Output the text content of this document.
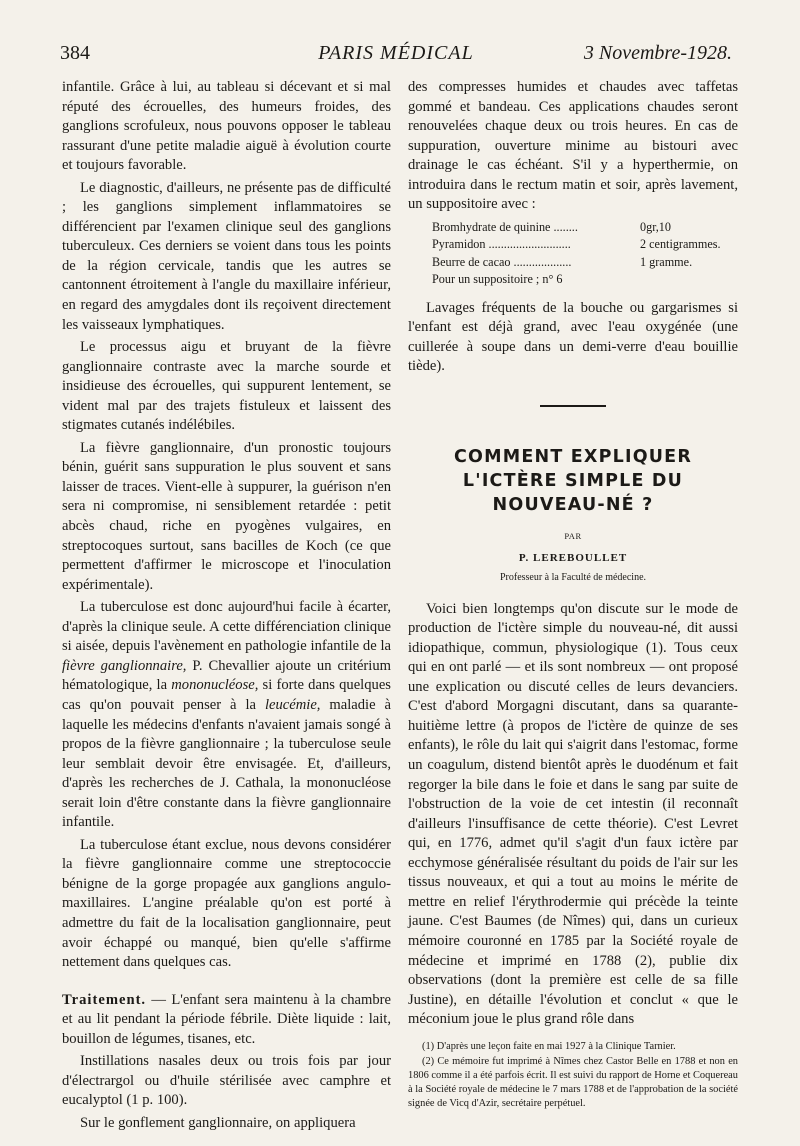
384	PARIS MÉDICAL	3 Novembre-1928.

infantile. Grâce à lui, au tableau si décevant et si mal réputé des écrouelles, des humeurs froides, des ganglions scrofuleux, nous pouvons opposer le tableau rassurant d'une petite maladie aiguë à évolution courte et toujours favorable.

Le diagnostic, d'ailleurs, ne présente pas de difficulté ; les ganglions simplement inflammatoires se différencient par l'examen clinique seul des ganglions tuberculeux. Ces derniers se voient dans tous les points de la région cervicale, tandis que les autres se cantonnent étroitement à l'angle du maxillaire inférieur, en regard des amygdales dont ils reçoivent directement les vaisseaux lymphatiques.

Le processus aigu et bruyant de la fièvre ganglionnaire contraste avec la marche sourde et insidieuse des écrouelles, qui suppurent lentement, se vident mal par des trajets fistuleux et laissent des stigmates cutanés indélébiles.

La fièvre ganglionnaire, d'un pronostic toujours bénin, guérit sans suppuration le plus souvent et sans laisser de traces. Vient-elle à suppurer, la guérison n'en sera ni compromise, ni sensiblement retardée : petit abcès chaud, riche en pyogènes vulgaires, en streptocoques surtout, sans bacilles de Koch (ce que permettent d'affirmer le microscope et l'inoculation expérimentale).

La tuberculose est donc aujourd'hui facile à écarter, d'après la clinique seule. A cette différenciation clinique si aisée, depuis l'avènement en pathologie infantile de la fièvre ganglionnaire, P. Chevallier ajoute un critérium hématologique, la mononucléose, si forte dans quelques cas qu'on pouvait penser à la leucémie, maladie à laquelle les médecins d'enfants n'avaient jamais songé à propos de la fièvre ganglionnaire ; la tuberculose seule leur semblait devoir être envisagée. Et, d'ailleurs, d'après les recherches de J. Cathala, la mononucléose serait loin d'être constante dans la fièvre ganglionnaire infantile.

La tuberculose étant exclue, nous devons considérer la fièvre ganglionnaire comme une streptococcie bénigne de la gorge propagée aux ganglions angulo-maxillaires. L'angine préalable qu'on est porté à admettre du fait de la localisation ganglionnaire, peut avoir échappé ou manqué, bien qu'elle s'affirme nettement dans quelques cas.

Traitement. — L'enfant sera maintenu à la chambre et au lit pendant la période fébrile. Diète liquide : lait, bouillon de légumes, tisanes, etc.

Instillations nasales deux ou trois fois par jour d'électrargol ou d'huile stérilisée avec camphre et eucalyptol (1 p. 100).

Sur le gonflement ganglionnaire, on appliquera

des compresses humides et chaudes avec taffetas gommé et bandeau. Ces applications chaudes seront renouvelées chaque deux ou trois heures. En cas de suppuration, ouverture minime au bistouri avec drainage le cas échéant. S'il y a hyperthermie, on introduira dans le rectum matin et soir, après lavement, un suppositoire avec :

Bromhydrate de quinine ........	0gr,10
Pyramidon ...........................	2 centigrammes.
Beurre de cacao ...................	1 gramme.
Pour un suppositoire ; n° 6

Lavages fréquents de la bouche ou gargarismes si l'enfant est déjà grand, avec l'eau oxygénée (une cuillerée à soupe dans un demi-verre d'eau bouillie tiède).

COMMENT EXPLIQUER
L'ICTÈRE SIMPLE DU
NOUVEAU-NÉ ?
PAR
P. LEREBOULLET
Professeur à la Faculté de médecine.

Voici bien longtemps qu'on discute sur le mode de production de l'ictère simple du nouveau-né, dit aussi idiopathique, commun, physiologique (1). Tous ceux qui en ont parlé — et ils sont nombreux — ont proposé une explication ou discuté celles de leurs devanciers. C'est d'abord Morgagni discutant, dans sa quarante-huitième lettre (à propos de l'ictère de quinze de ses enfants), le rôle du lait qui s'aigrit dans l'estomac, forme un coagulum, distend bientôt après le duodénum et fait regorger la bile dans le foie et dans le sang par suite de l'obstruction de la voie de cet intestin (il reconnaît d'ailleurs l'insuffisance de cette théorie). C'est Levret qui, en 1776, admet qu'il s'agit d'un faux ictère par ecchymose généralisée résultant du poids de l'air sur les tissus nouveaux, et qui a tout au moins le mérite de mettre en relief l'érythrodermie qui précède la teinte jaune. C'est Baumes (de Nîmes) qui, dans un curieux mémoire couronné en 1785 par la Société royale de médecine et imprimé en 1788 (2), publie dix observations (dont la première est celle de sa fille Justine), en détaille l'évolution et conclut « que le méconium joue le plus grand rôle dans

(1) D'après une leçon faite en mai 1927 à la Clinique Tarnier.

(2) Ce mémoire fut imprimé à Nîmes chez Castor Belle en 1788 et non en 1806 comme il a été parfois écrit. Il est suivi du rapport de Horne et Coquereau à la Société royale de médecine le 7 mars 1788 et de l'approbation de la société signée de Vicq d'Azir, secrétaire perpétuel.
